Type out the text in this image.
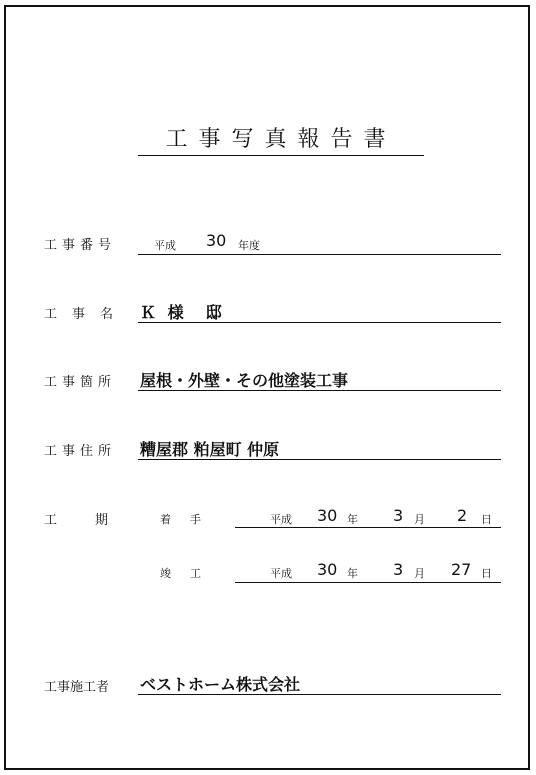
工事写真報告書
工事番号	平成 30 年度
工　事　名 Ｋ 様　邸
工事箇所 屋根・外壁・その他塗装工事
工事住所 糟屋郡 粕屋町 仲原
工　　期	着　手	平成 30 年 3 月 2 日
竣　工	平成 30 年 3 月 27 日
工事施工者 ベストホーム株式会社
